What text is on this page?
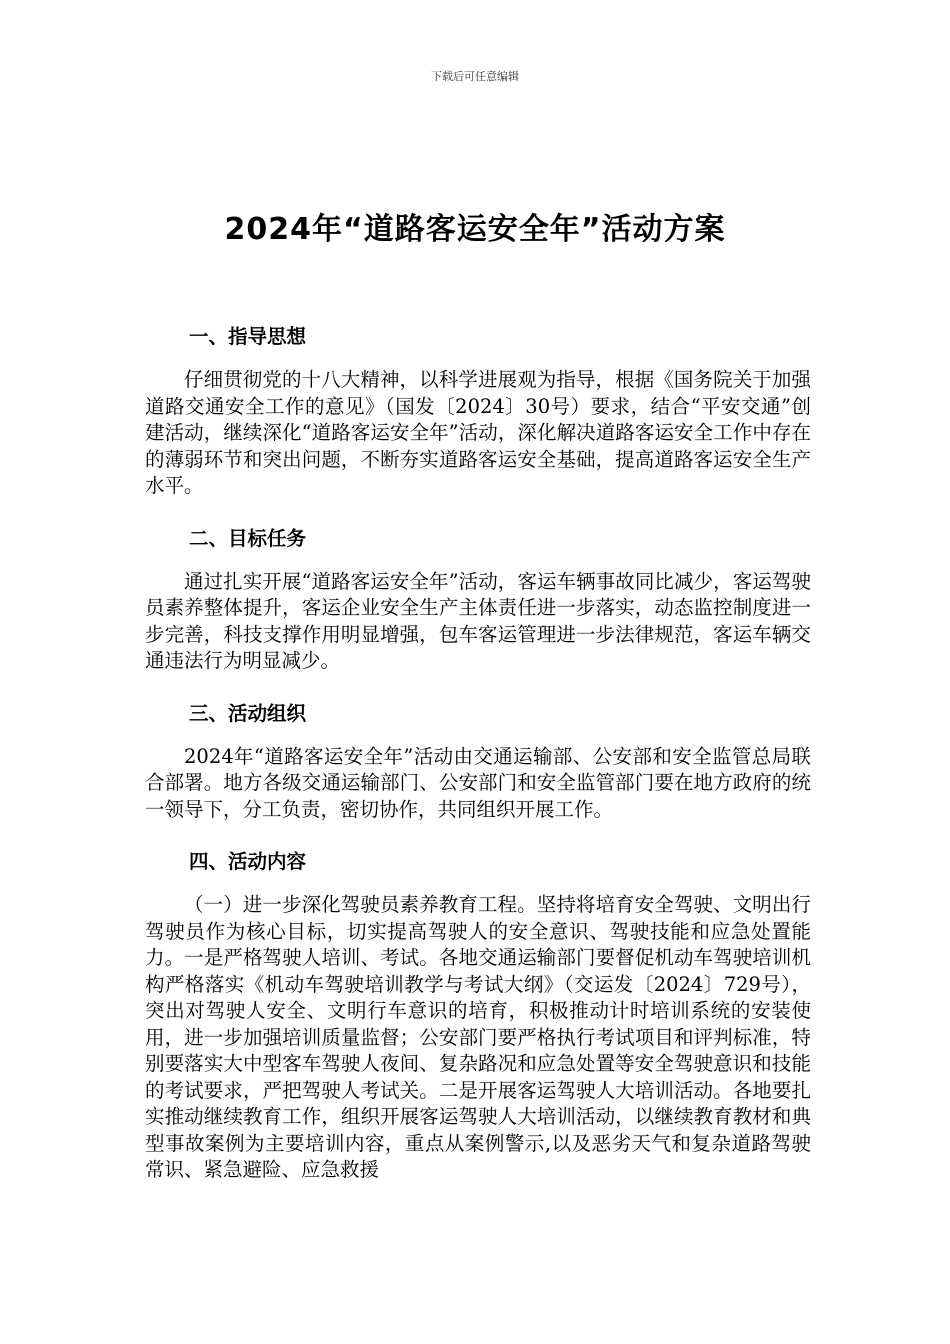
下载后可任意编辑
2024年“道路客运安全年”活动方案
一、指导思想

仔细贯彻党的十八大精神，以科学进展观为指导，根据《国务院关于加强道路交通安全工作的意见》（国发〔2024〕30号）要求，结合“平安交通”创建活动，继续深化“道路客运安全年”活动，深化解决道路客运安全工作中存在的薄弱环节和突出问题，不断夯实道路客运安全基础，提高道路客运安全生产水平。

二、目标任务

通过扎实开展“道路客运安全年”活动，客运车辆事故同比减少，客运驾驶员素养整体提升，客运企业安全生产主体责任进一步落实，动态监控制度进一步完善，科技支撑作用明显增强，包车客运管理进一步法律规范，客运车辆交通违法行为明显减少。

三、活动组织

2024年“道路客运安全年”活动由交通运输部、公安部和安全监管总局联合部署。地方各级交通运输部门、公安部门和安全监管部门要在地方政府的统一领导下，分工负责，密切协作，共同组织开展工作。

四、活动内容

（一）进一步深化驾驶员素养教育工程。坚持将培育安全驾驶、文明出行驾驶员作为核心目标，切实提高驾驶人的安全意识、驾驶技能和应急处置能力。一是严格驾驶人培训、考试。各地交通运输部门要督促机动车驾驶培训机构严格落实《机动车驾驶培训教学与考试大纲》（交运发〔2024〕729号），突出对驾驶人安全、文明行车意识的培育，积极推动计时培训系统的安装使用，进一步加强培训质量监督；公安部门要严格执行考试项目和评判标准，特别要落实大中型客车驾驶人夜间、复杂路况和应急处置等安全驾驶意识和技能的考试要求，严把驾驶人考试关。二是开展客运驾驶人大培训活动。各地要扎实推动继续教育工作，组织开展客运驾驶人大培训活动，以继续教育教材和典型事故案例为主要培训内容，重点从案例警示,以及恶劣天气和复杂道路驾驶常识、紧急避险、应急救援
